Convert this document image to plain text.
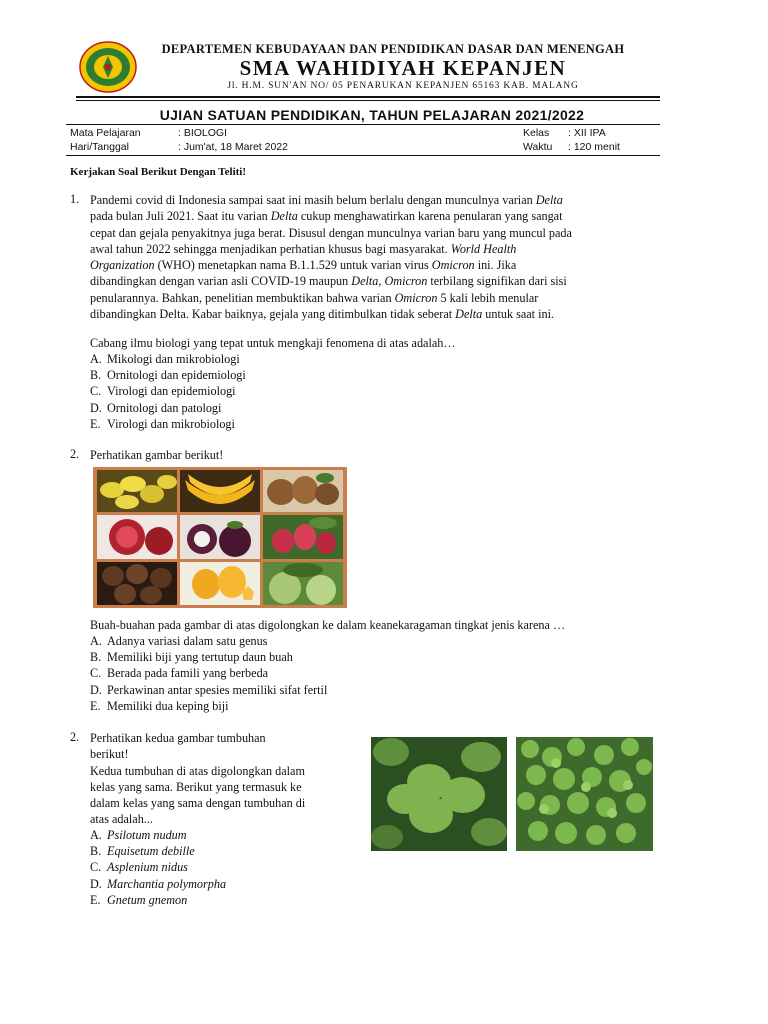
DEPARTEMEN KEBUDAYAAN DAN PENDIDIKAN DASAR DAN MENENGAH
SMA WAHIDIYAH KEPANJEN
Jl. H.M. SUN'AN NO/ 05 PENARUKAN KEPANJEN 65163 KAB. MALANG
UJIAN SATUAN PENDIDIKAN, TAHUN PELAJARAN 2021/2022
Mata Pelajaran	: BIOLOGI
Hari/Tanggal	: Jum'at, 18 Maret 2022
Kelas : XII IPA
Waktu : 120 menit
Kerjakan Soal Berikut Dengan Teliti!
1. Pandemi covid di Indonesia sampai saat ini masih belum berlalu dengan munculnya varian Delta
pada bulan Juli 2021. Saat itu varian Delta cukup menghawatirkan karena penularan yang sangat
cepat dan gejala penyakitnya juga berat. Disusul dengan munculnya varian baru yang muncul pada
awal tahun 2022 sehingga menjadikan perhatian khusus bagi masyarakat. World Health
Organization (WHO) menetapkan nama B.1.1.529 untuk varian virus Omicron ini. Jika
dibandingkan dengan varian asli COVID-19 maupun Delta, Omicron terbilang signifikan dari sisi
penularannya. Bahkan, penelitian membuktikan bahwa varian Omicron 5 kali lebih menular
dibandingkan Delta. Kabar baiknya, gejala yang ditimbulkan tidak seberat Delta untuk saat ini.
Cabang ilmu biologi yang tepat untuk mengkaji fenomena di atas adalah…
A. Mikologi dan mikrobiologi
B. Ornitologi dan epidemiologi
C. Virologi dan epidemiologi
D. Ornitologi dan patologi
E. Virologi dan mikrobiologi
2. Perhatikan gambar berikut!
Buah-buahan pada gambar di atas digolongkan ke dalam keanekaragaman tingkat jenis karena …
A. Adanya variasi dalam satu genus
B. Memiliki biji yang tertutup daun buah
C. Berada pada famili yang berbeda
D. Perkawinan antar spesies memiliki sifat fertil
E. Memiliki dua keping biji
2. Perhatikan kedua gambar tumbuhan
berikut!
Kedua tumbuhan di atas digolongkan dalam
kelas yang sama. Berikut yang termasuk ke
dalam kelas yang sama dengan tumbuhan di
atas adalah...
A. Psilotum nudum
B. Equisetum debille
C. Asplenium nidus
D. Marchantia polymorpha
E. Gnetum gnemon
